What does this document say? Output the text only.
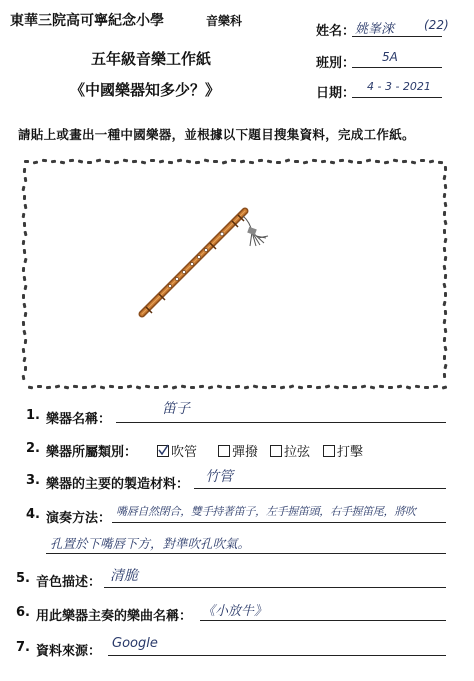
東華三院高可寧紀念小學	音樂科
五年級音樂工作紙
《中國樂器知多少？》
姓名： 姚峯淶 (22)
班別： 5A
日期： 4 - 3 - 2021
請貼上或畫出一種中國樂器，並根據以下題目搜集資料，完成工作紙。
1. 樂器名稱：
笛子
2. 樂器所屬類別：	吹管	彈撥	拉弦	打擊
3. 樂器的主要的製造材料： 竹管
4. 演奏方法： 嘴唇自然閉合，雙手持著笛子，左手握笛頭，右手握笛尾，將吹
孔置於下嘴唇下方，對準吹孔吹氣。
5. 音色描述： 清脆
6. 用此樂器主奏的樂曲名稱： 《小放牛》
7. 資料來源：
Google
